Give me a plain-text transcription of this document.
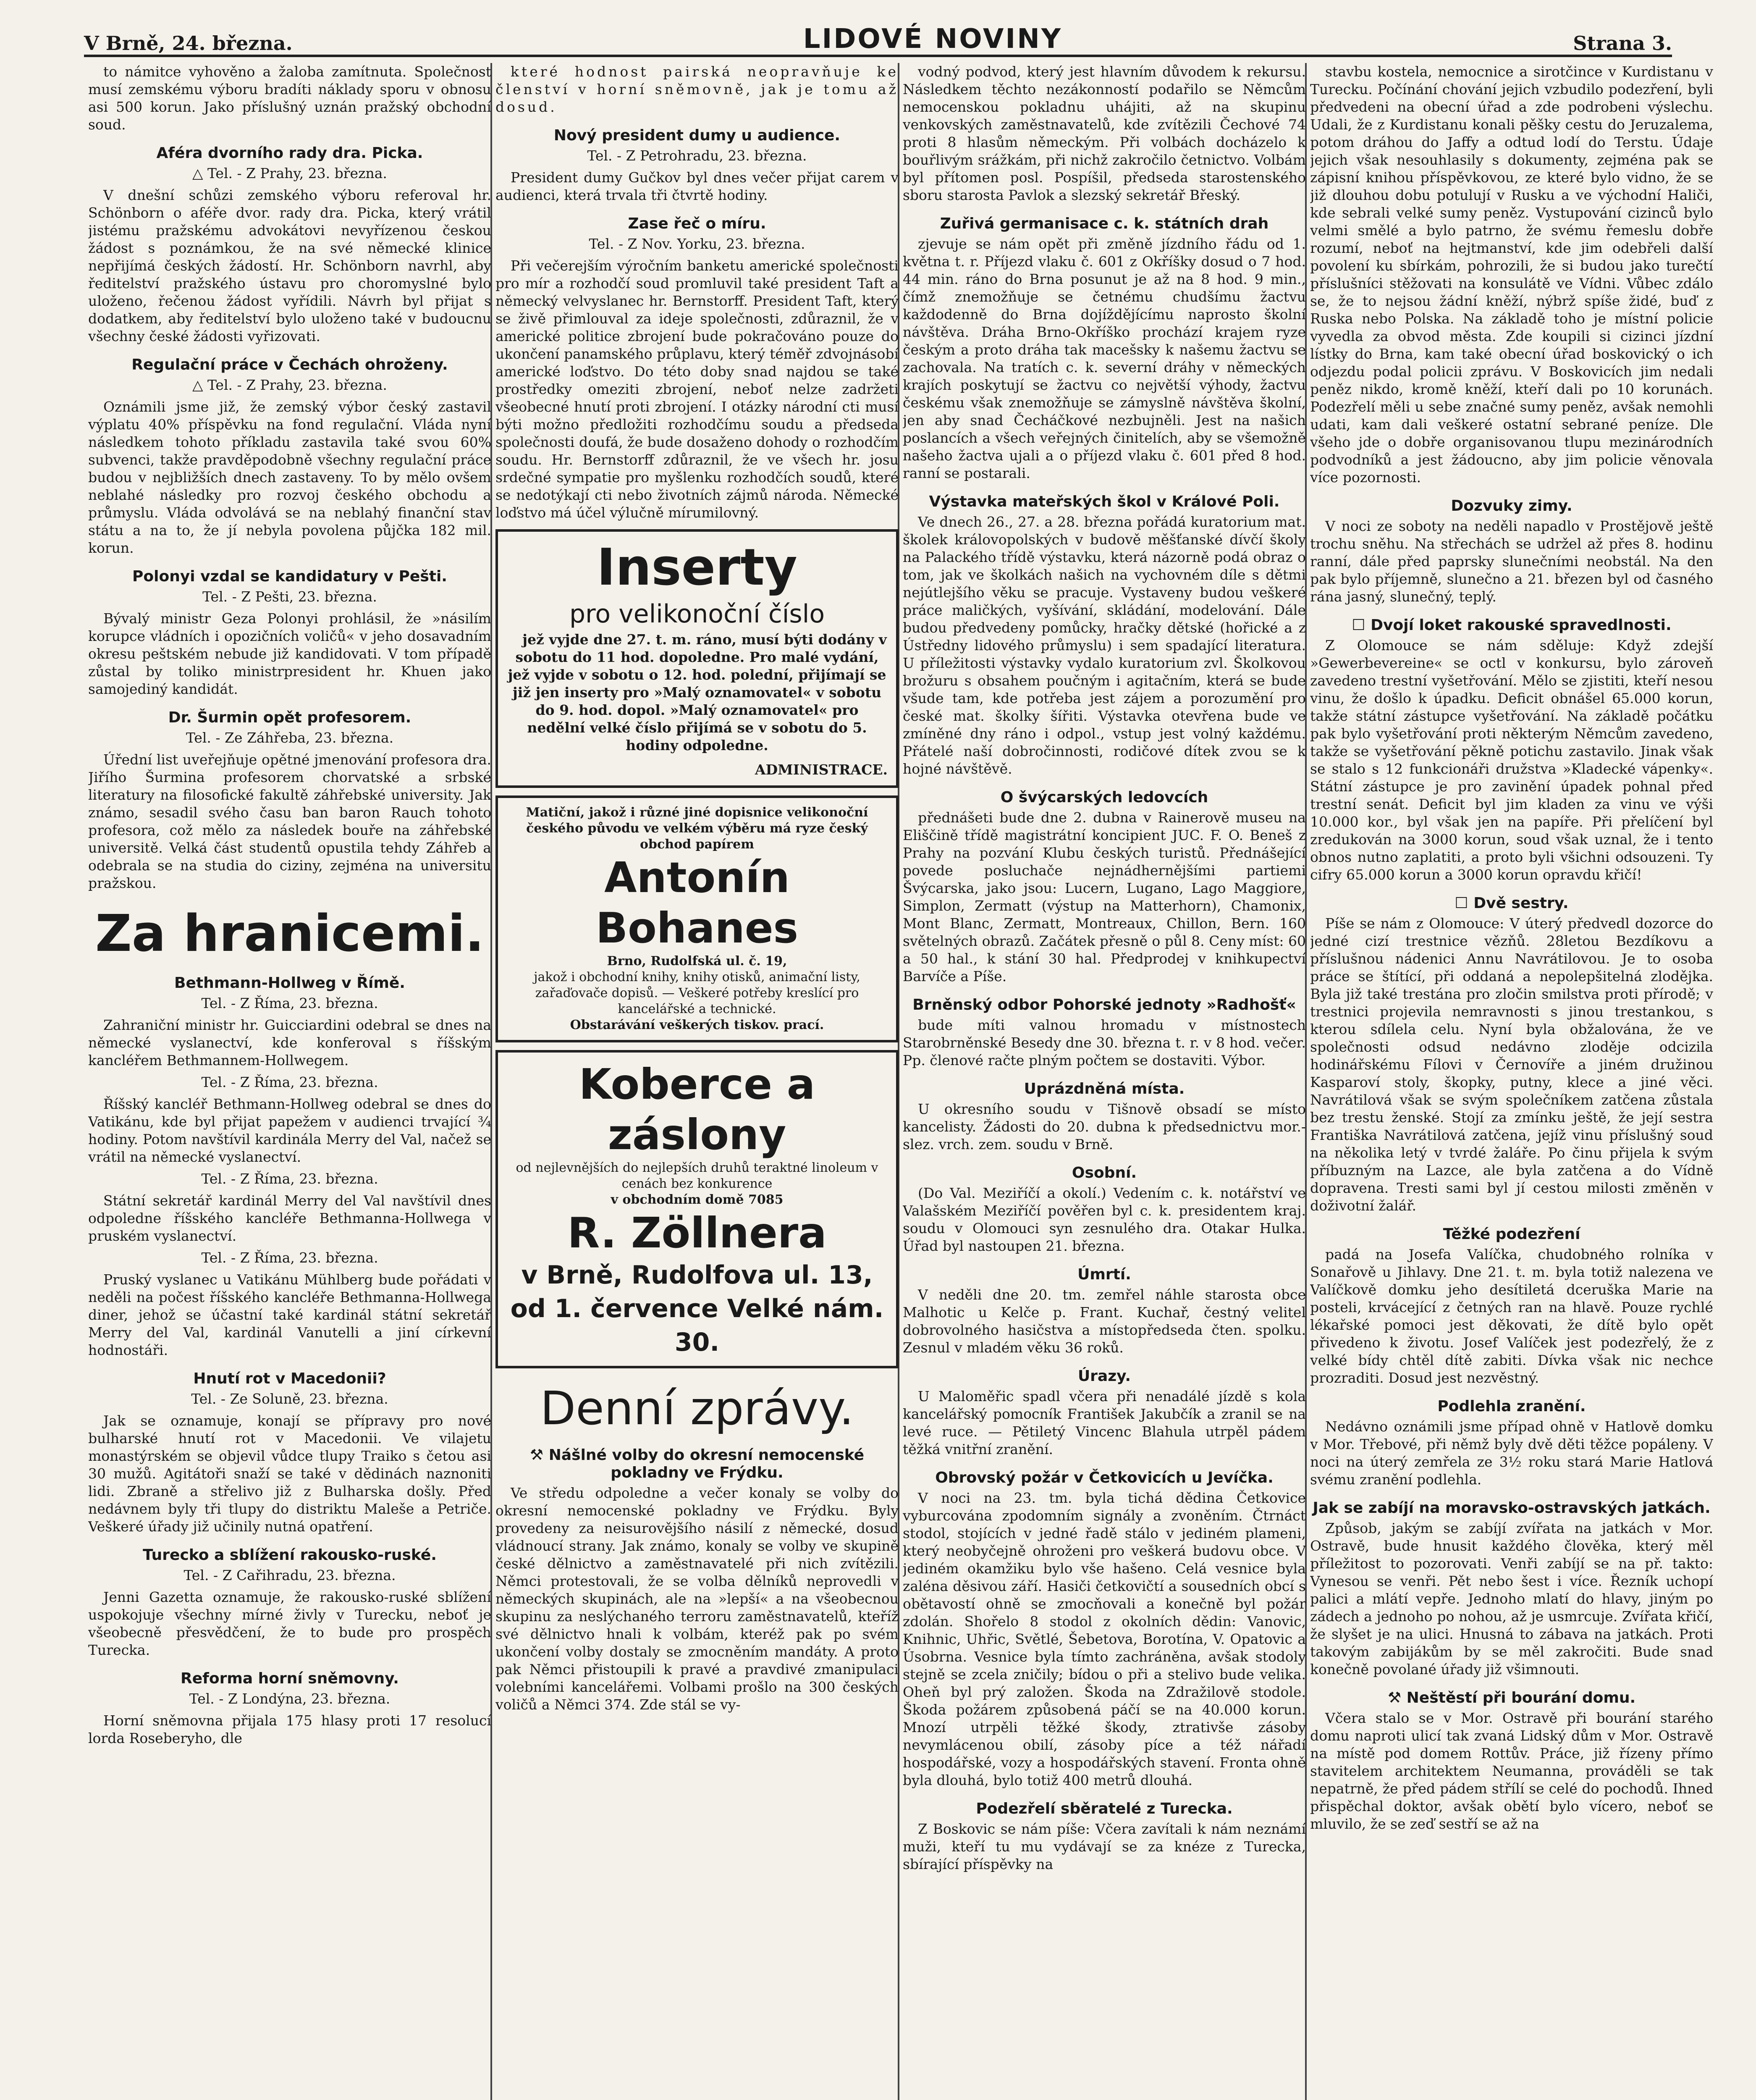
V Brně, 24. března.	LIDOVÉ NOVINY	Strana 3.

to námitce vyhověno a žaloba zamítnuta. Společnost musí zemskému výboru bradíti náklady sporu v obnosu asi 500 korun. Jako příslušný uznán pražský obchodní soud.

Aféra dvorního rady dra. Picka.
△ Tel. - Z Prahy, 23. března.

V dnešní schůzi zemského výboru referoval hr. Schönborn o aféře dvor. rady dra. Picka, který vrátil jistému pražskému advokátovi nevyřízenou českou žádost s poznámkou, že na své německé klinice nepřijímá českých žádostí. Hr. Schönborn navrhl, aby ředitelství pražského ústavu pro choromyslné bylo uloženo, řečenou žádost vyřídili. Návrh byl přijat s dodatkem, aby ředitelství bylo uloženo také v budoucnu všechny české žádosti vyřizovati.

Regulační práce v Čechách ohroženy.
△ Tel. - Z Prahy, 23. března.

Oznámili jsme již, že zemský výbor český zastavil výplatu 40% příspěvku na fond regulační. Vláda nyní následkem tohoto příkladu zastavila také svou 60% subvenci, takže pravděpodobně všechny regulační práce budou v nejbližších dnech zastaveny. To by mělo ovšem neblahé následky pro rozvoj českého obchodu a průmyslu. Vláda odvolává se na neblahý finanční stav státu a na to, že jí nebyla povolena půjčka 182 mil. korun.

Polonyi vzdal se kandidatury v Pešti.
Tel. - Z Pešti, 23. března.

Bývalý ministr Geza Polonyi prohlásil, že »násilím korupce vládních i opozičních voličů« v jeho dosavadním okresu peštském nebude již kandidovati. V tom případě zůstal by toliko ministrpresident hr. Khuen jako samojediný kandidát.

Dr. Šurmin opět profesorem.
Tel. - Ze Záhřeba, 23. března.

Úřední list uveřejňuje opětné jmenování profesora dra. Jiřího Šurmina profesorem chorvatské a srbské literatury na filosofické fakultě záhřebské university. Jak známo, sesadil svého času ban baron Rauch tohoto profesora, což mělo za následek bouře na záhřebské universitě. Velká část studentů opustila tehdy Záhřeb a odebrala se na studia do ciziny, zejména na universitu pražskou.

Za hranicemi.
Bethmann-Hollweg v Římě.
Tel. - Z Říma, 23. března.

Zahraniční ministr hr. Guicciardini odebral se dnes na německé vyslanectví, kde konferoval s říšským kancléřem Bethmannem-Hollwegem.

Tel. - Z Říma, 23. března.

Říšský kancléř Bethmann-Hollweg odebral se dnes do Vatikánu, kde byl přijat papežem v audienci trvající ¾ hodiny. Potom navštívil kardinála Merry del Val, načež se vrátil na německé vyslanectví.

Tel. - Z Říma, 23. března.

Státní sekretář kardinál Merry del Val navštívil dnes odpoledne říšského kancléře Bethmanna-Hollwega v pruském vyslanectví.

Tel. - Z Říma, 23. března.

Pruský vyslanec u Vatikánu Mühlberg bude pořádati v neděli na počest říšského kancléře Bethmanna-Hollwega diner, jehož se účastní také kardinál státní sekretář Merry del Val, kardinál Vanutelli a jiní církevní hodnostáři.

Hnutí rot v Macedonii?
Tel. - Ze Soluně, 23. března.

Jak se oznamuje, konají se přípravy pro nové bulharské hnutí rot v Macedonii. Ve vilajetu monastýrském se objevil vůdce tlupy Traiko s četou asi 30 mužů. Agitátoři snaží se také v dědinách naznoniti lidi. Zbraně a střelivo již z Bulharska došly. Před nedávnem byly tři tlupy do distriktu Maleše a Petriče. Veškeré úřady již učinily nutná opatření.

Turecko a sblížení rakousko-ruské.
Tel. - Z Cařihradu, 23. března.

Jenni Gazetta oznamuje, že rakousko-ruské sblížení uspokojuje všechny mírné živly v Turecku, neboť je všeobecně přesvědčení, že to bude pro prospěch Turecka.

Reforma horní sněmovny.
Tel. - Z Londýna, 23. března.

Horní sněmovna přijala 175 hlasy proti 17 resolucí lorda Roseberyho, dle

které hodnost pairská neopravňuje ke členství v horní sněmovně, jak je tomu až dosud.

Nový president dumy u audience.
Tel. - Z Petrohradu, 23. března.

President dumy Gučkov byl dnes večer přijat carem v audienci, která trvala tři čtvrtě hodiny.

Zase řeč o míru.
Tel. - Z Nov. Yorku, 23. března.

Při večerejším výročním banketu americké společnosti pro mír a rozhodčí soud promluvil také president Taft a německý velvyslanec hr. Bernstorff. President Taft, který se živě přimlouval za ideje společnosti, zdůraznil, že v americké politice zbrojení bude pokračováno pouze do ukončení panamského průplavu, který téměř zdvojnásobí americké loďstvo. Do této doby snad najdou se také prostředky omeziti zbrojení, neboť nelze zadržeti všeobecné hnutí proti zbrojení. I otázky národní cti musí býti možno předložiti rozhodčímu soudu a předseda společnosti doufá, že bude dosaženo dohody o rozhodčím soudu. Hr. Bernstorff zdůraznil, že ve všech hr. josu srdečné sympatie pro myšlenku rozhodčích soudů, které se nedotýkají cti nebo životních zájmů národa. Německé loďstvo má účel výlučně mírumilovný.

Inserty
pro velikonoční číslo

jež vyjde dne 27. t. m. ráno, musí býti dodány v sobotu do 11 hod. dopoledne. Pro malé vydání, jež vyjde v sobotu o 12. hod. polední, přijímají se již jen inserty pro »Malý oznamovatel« v sobotu do 9. hod. dopol. »Malý oznamovatel« pro nedělní velké číslo přijímá se v sobotu do 5. hodiny odpoledne.

ADMINISTRACE.
Matiční, jakož i různé jiné dopisnice velikonoční českého původu ve velkém výběru má ryze český obchod papírem
Antonín Bohanes
Brno, Rudolfská ul. č. 19,
jakož i obchodní knihy, knihy otisků, animační listy, zařaďovače dopisů. — Veškeré potřeby kreslící pro kancelářské a technické.
Obstarávání veškerých tiskov. prací.
Koberce a záslony
od nejlevnějších do nejlepších druhů teraktné linoleum v cenách bez konkurence
v obchodním domě 7085
R. Zöllnera
v Brně, Rudolfova ul. 13,
od 1. července Velké nám. 30.
Denní zprávy.
⚒ Nášlné volby do okresní nemocenské pokladny ve Frýdku.

Ve středu odpoledne a večer konaly se volby do okresní nemocenské pokladny ve Frýdku. Byly provedeny za neisurovějšího násilí z německé, dosud vládnoucí strany. Jak známo, konaly se volby ve skupině české dělnictvo a zaměstnavatelé při nich zvítězili. Němci protestovali, že se volba dělníků neprovedli v německých skupinách, ale na »lepší« a na všeobecnou skupinu za neslýchaného terroru zaměstnavatelů, kteříž své dělnictvo hnali k volbám, kteréž pak po svém ukončení volby dostaly se zmocněním mandáty. A proto pak Němci přistoupili k pravé a pravdivé zmanipulaci volebními kancelářemi. Volbami prošlo na 300 českých voličů a Němci 374. Zde stál se vy-

vodný podvod, který jest hlavním důvodem k rekursu. Následkem těchto nezákonností podařilo se Němcům nemocenskou pokladnu uhájiti, až na skupinu venkovských zaměstnavatelů, kde zvítězili Čechové 74 proti 8 hlasům německým. Při volbách docházelo k bouřlivým srážkám, při nichž zakročilo četnictvo. Volbám byl přítomen posl. Pospíšil, předseda starostenského sboru starosta Pavlok a slezský sekretář Břeský.

Zuřivá germanisace c. k. státních drah

zjevuje se nám opět při změně jízdního řádu od 1. května t. r. Příjezd vlaku č. 601 z Okříšky dosud o 7 hod. 44 min. ráno do Brna posunut je až na 8 hod. 9 min., čímž znemožňuje se četnému chudšímu žactvu každodenně do Brna dojíždějícímu naprosto školní návštěva. Dráha Brno-Okříško prochází krajem ryze českým a proto dráha tak macešsky k našemu žactvu se zachovala. Na tratích c. k. severní dráhy v německých krajích poskytují se žactvu co největší výhody, žactvu českému však znemožňuje se zámyslně návštěva školní, jen aby snad Čecháčkové nezbujněli. Jest na našich poslancích a všech veřejných činitelích, aby se všemožně našeho žactva ujali a o příjezd vlaku č. 601 před 8 hod. ranní se postarali.

Výstavka mateřských škol v Králové Poli.

Ve dnech 26., 27. a 28. března pořádá kuratorium mat. školek královopolských v budově měšťanské dívčí školy na Palackého třídě výstavku, která názorně podá obraz o tom, jak ve školkách našich na vychovném díle s dětmi nejútlejšího věku se pracuje. Vystaveny budou veškeré práce maličkých, vyšívání, skládání, modelování. Dále budou předvedeny pomůcky, hračky dětské (hořické a z Ústředny lidového průmyslu) i sem spadající literatura. U příležitosti výstavky vydalo kuratorium zvl. Školkovou brožuru s obsahem poučným i agitačním, která se bude všude tam, kde potřeba jest zájem a porozumění pro české mat. školky šířiti. Výstavka otevřena bude ve zmíněné dny ráno i odpol., vstup jest volný každému. Přátelé naší dobročinnosti, rodičové dítek zvou se k hojné návštěvě.

O švýcarských ledovcích

přednášeti bude dne 2. dubna v Rainerově museu na Eliščině třídě magistrátní koncipient JUC. F. O. Beneš z Prahy na pozvání Klubu českých turistů. Přednášející povede posluchače nejnádhernějšími partiemi Švýcarska, jako jsou: Lucern, Lugano, Lago Maggiore, Simplon, Zermatt (výstup na Matterhorn), Chamonix, Mont Blanc, Zermatt, Montreaux, Chillon, Bern. 160 světelných obrazů. Začátek přesně o půl 8. Ceny míst: 60 a 50 hal., k stání 30 hal. Předprodej v knihkupectví Barvíče a Píše.

Brněnský odbor Pohorské jednoty »Radhošť«

bude míti valnou hromadu v místnostech Starobrněnské Besedy dne 30. března t. r. v 8 hod. večer. Pp. členové račte plným počtem se dostaviti. Výbor.

Uprázdněná místa.

U okresního soudu v Tišnově obsadí se místo kancelisty. Žádosti do 20. dubna k předsednictvu mor.-slez. vrch. zem. soudu v Brně.

Osobní.

(Do Val. Meziříčí a okolí.) Vedením c. k. notářství ve Valašském Meziříčí pověřen byl c. k. presidentem kraj. soudu v Olomouci syn zesnulého dra. Otakar Hulka. Úřad byl nastoupen 21. března.

Úmrtí.

V neděli dne 20. tm. zemřel náhle starosta obce Malhotic u Kelče p. Frant. Kuchař, čestný velitel dobrovolného hasičstva a místopředseda čten. spolku. Zesnul v mladém věku 36 roků.

Úrazy.

U Maloměřic spadl včera při nenadálé jízdě s kola kancelářský pomocník František Jakubčík a zranil se na levé ruce. — Pětiletý Vincenc Blahula utrpěl pádem těžká vnitřní zranění.

Obrovský požár v Četkovicích u Jevíčka.

V noci na 23. tm. byla tichá dědina Četkovice vyburcována zpodomním signály a zvoněním. Čtrnáct stodol, stojících v jedné řadě stálo v jediném plameni, který neobyčejně ohroženi pro veškerá budovu obce. V jediném okamžiku bylo vše hašeno. Celá vesnice byla zaléna děsivou září. Hasiči četkovičtí a sousedních obcí s obětavostí ohně se zmocňovali a konečně byl požár zdolán. Shořelo 8 stodol z okolních dědin: Vanovic, Knihnic, Uhřic, Světlé, Šebetova, Borotína, V. Opatovic a Úsobrna. Vesnice byla tímto zachráněna, avšak stodoly stejně se zcela zničily; bídou o při a stelivo bude velika. Oheň byl prý založen. Škoda na Zdražilově stodole. Škoda požárem způsobená páčí se na 40.000 korun. Mnozí utrpěli těžké škody, ztrativše zásoby nevymlácenou obilí, zásoby píce a též nářadí hospodářské, vozy a hospodářských stavení. Fronta ohně byla dlouhá, bylo totiž 400 metrů dlouhá.

Podezřelí sběratelé z Turecka.

Z Boskovic se nám píše: Včera zavítali k nám neznámí muži, kteří tu mu vydávají se za knéze z Turecka, sbírající příspěvky na

stavbu kostela, nemocnice a sirotčince v Kurdistanu v Turecku. Počínání chování jejich vzbudilo podezření, byli předvedeni na obecní úřad a zde podrobeni výslechu. Udali, že z Kurdistanu konali pěšky cestu do Jeruzalema, potom dráhou do Jaffy a odtud lodí do Terstu. Údaje jejich však nesouhlasily s dokumenty, zejména pak se zápisní knihou příspěvkovou, ze které bylo vidno, že se již dlouhou dobu potulují v Rusku a ve východní Haliči, kde sebrali velké sumy peněz. Vystupování cizinců bylo velmi smělé a bylo patrno, že svému řemeslu dobře rozumí, neboť na hejtmanství, kde jim odebřeli další povolení ku sbírkám, pohrozili, že si budou jako turečtí příslušníci stěžovati na konsulátě ve Vídni. Vůbec zdálo se, že to nejsou žádní kněží, nýbrž spíše židé, buď z Ruska nebo Polska. Na základě toho je místní policie vyvedla za obvod města. Zde koupili si cizinci jízdní lístky do Brna, kam také obecní úřad boskovický o ich odjezdu podal policii zprávu. V Boskovicích jim nedali peněz nikdo, kromě kněží, kteří dali po 10 korunách. Podezřelí měli u sebe značné sumy peněz, avšak nemohli udati, kam dali veškeré ostatní sebrané peníze. Dle všeho jde o dobře organisovanou tlupu mezinárodních podvodníků a jest žádoucno, aby jim policie věnovala více pozornosti.

Dozvuky zimy.

V noci ze soboty na neděli napadlo v Prostějově ještě trochu sněhu. Na střechách se udržel až přes 8. hodinu ranní, dále před paprsky slunečními neobstál. Na den pak bylo příjemně, slunečno a 21. březen byl od časného rána jasný, slunečný, teplý.

☐ Dvojí loket rakouské spravedlnosti.

Z Olomouce se nám sděluje: Když zdejší »Gewerbevereine« se octl v konkursu, bylo zároveň zavedeno trestní vyšetřování. Mělo se zjistiti, kteří nesou vinu, že došlo k úpadku. Deficit obnášel 65.000 korun, takže státní zástupce vyšetřování. Na základě počátku pak bylo vyšetřování proti některým Němcům zavedeno, takže se vyšetřování pěkně potichu zastavilo. Jinak však se stalo s 12 funkcionáři družstva »Kladecké vápenky«. Státní zástupce je pro zavinění úpadek pohnal před trestní senát. Deficit byl jim kladen za vinu ve výši 10.000 kor., byl však jen na papíře. Při přelíčení byl zredukován na 3000 korun, soud však uznal, že i tento obnos nutno zaplatiti, a proto byli všichni odsouzeni. Ty cifry 65.000 korun a 3000 korun opravdu křičí!

☐ Dvě sestry.

Píše se nám z Olomouce: V úterý předvedl dozorce do jedné cizí trestnice vězňů. 28letou Bezdíkovu a příslušnou nádenici Annu Navrátilovou. Je to osoba práce se štítící, při oddaná a nepolepšitelná zlodějka. Byla již také trestána pro zločin smilstva proti přírodě; v trestnici projevila nemravnosti s jinou trestankou, s kterou sdílela celu. Nyní byla obžalována, že ve společnosti odsud nedávno zloděje odcizila hodinářskému Fílovi v Černovíře a jiném družinou Kasparoví stoly, škopky, putny, klece a jiné věci. Navrátilová však se svým společníkem zatčena zůstala bez trestu ženské. Stojí za zmínku ještě, že její sestra Františka Navrátilová zatčena, jejíž vinu příslušný soud na několika letý v tvrdé žaláře. Po činu přijela k svým příbuzným na Lazce, ale byla zatčena a do Vídně dopravena. Tresti sami byl jí cestou milosti změněn v doživotní žalář.

Těžké podezření

padá na Josefa Valíčka, chudobného rolníka v Sonařově u Jihlavy. Dne 21. t. m. byla totiž nalezena ve Valíčkově domku jeho desítiletá dceruška Marie na posteli, krvácející z četných ran na hlavě. Pouze rychlé lékařské pomoci jest děkovati, že dítě bylo opět přivedeno k životu. Josef Valíček jest podezřelý, že z velké bídy chtěl dítě zabiti. Dívka však nic nechce prozraditi. Dosud jest nezvěstný.

Podlehla zranění.

Nedávno oznámili jsme případ ohně v Hatlově domku v Mor. Třebové, při němž byly dvě děti těžce popáleny. V noci na úterý zemřela ze 3½ roku stará Marie Hatlová svému zranění podlehla.

Jak se zabíjí na moravsko-ostravských jatkách.

Způsob, jakým se zabíjí zvířata na jatkách v Mor. Ostravě, bude hnusit každého člověka, který měl příležitost to pozorovati. Venři zabíjí se na př. takto: Vynesou se venři. Pět nebo šest i více. Řezník uchopí palici a mlátí vepře. Jednoho mlatí do hlavy, jiným po zádech a jednoho po nohou, až je usmrcuje. Zvířata křičí, že slyšet je na ulici. Hnusná to zábava na jatkách. Proti takovým zabijákům by se měl zakročiti. Bude snad konečně povolané úřady již všimnouti.

⚒ Neštěstí při bourání domu.

Včera stalo se v Mor. Ostravě při bourání starého domu naproti ulicí tak zvaná Lidský dům v Mor. Ostravě na místě pod domem Rottův. Práce, již řízeny přímo stavitelem architektem Neumanna, prováděli se tak nepatrně, že před pádem střílí se celé do pochodů. Ihned přispěchal doktor, avšak obětí bylo vícero, neboť se mluvilo, že se zeď sestří se až na
